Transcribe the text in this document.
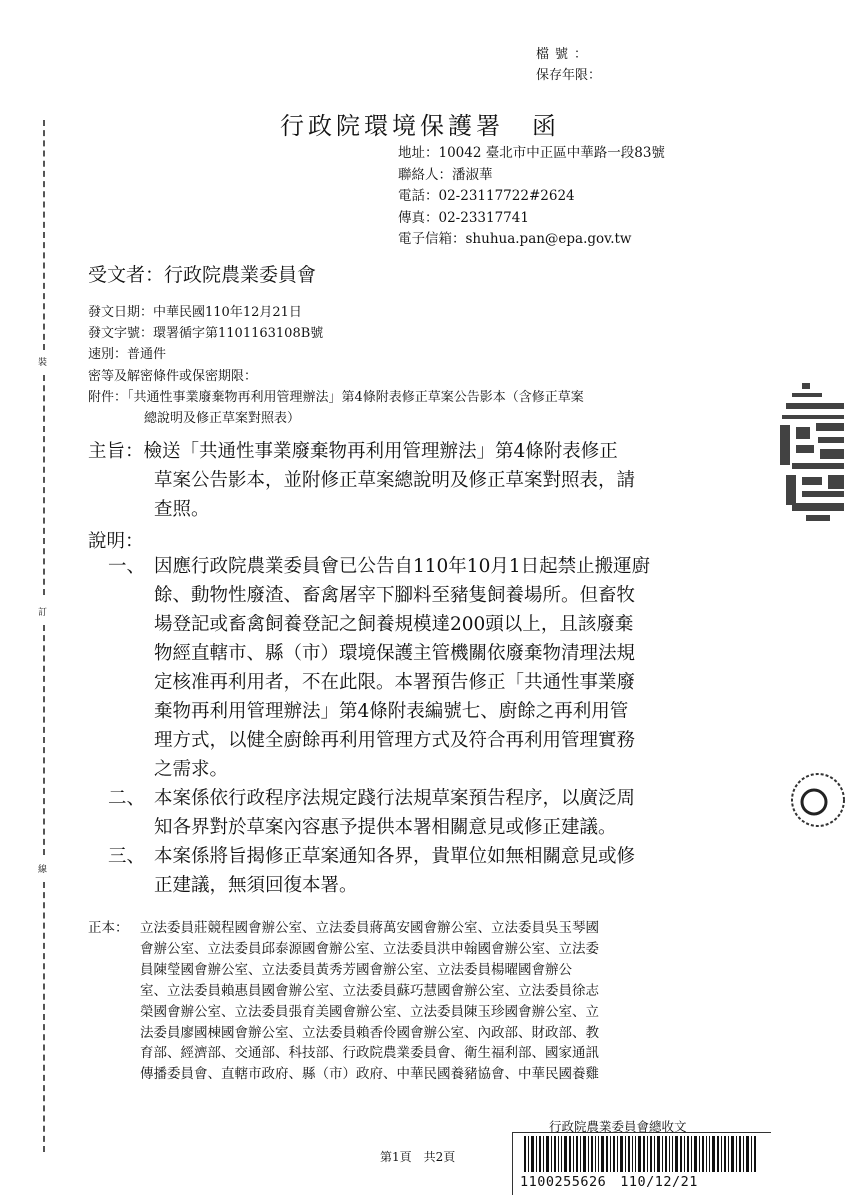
裝
訂
線
檔號：
保存年限：
行政院環境保護署　函
地址：10042 臺北市中正區中華路一段83號
聯絡人：潘淑華
電話：02-23117722#2624
傳真：02-23317741
電子信箱：shuhua.pan@epa.gov.tw
受文者：行政院農業委員會
發文日期：中華民國110年12月21日
發文字號：環署循字第1101163108B號
速別：普通件
密等及解密條件或保密期限：
附件：「共通性事業廢棄物再利用管理辦法」第4條附表修正草案公告影本（含修正草案
總說明及修正草案對照表）
主旨：檢送「共通性事業廢棄物再利用管理辦法」第4條附表修正
草案公告影本，並附修正草案總說明及修正草案對照表，請
查照。
說明：
一、 因應行政院農業委員會已公告自110年10月1日起禁止搬運廚
餘、動物性廢渣、畜禽屠宰下腳料至豬隻飼養場所。但畜牧
場登記或畜禽飼養登記之飼養規模達200頭以上，且該廢棄
物經直轄市、縣（市）環境保護主管機關依廢棄物清理法規
定核准再利用者，不在此限。本署預告修正「共通性事業廢
棄物再利用管理辦法」第4條附表編號七、廚餘之再利用管
理方式，以健全廚餘再利用管理方式及符合再利用管理實務
之需求。
二、 本案係依行政程序法規定踐行法規草案預告程序，以廣泛周
知各界對於草案內容惠予提供本署相關意見或修正建議。
三、 本案係將旨揭修正草案通知各界，貴單位如無相關意見或修
正建議，無須回復本署。
正本： 立法委員莊競程國會辦公室、立法委員蔣萬安國會辦公室、立法委員吳玉琴國
會辦公室、立法委員邱泰源國會辦公室、立法委員洪申翰國會辦公室、立法委
員陳瑩國會辦公室、立法委員黃秀芳國會辦公室、立法委員楊曜國會辦公
室、立法委員賴惠員國會辦公室、立法委員蘇巧慧國會辦公室、立法委員徐志
榮國會辦公室、立法委員張育美國會辦公室、立法委員陳玉珍國會辦公室、立
法委員廖國棟國會辦公室、立法委員賴香伶國會辦公室、內政部、財政部、教
育部、經濟部、交通部、科技部、行政院農業委員會、衛生福利部、國家通訊
傳播委員會、直轄市政府、縣（市）政府、中華民國養豬協會、中華民國養雞
第1頁　共2頁
行政院農業委員會總收文
1100255626　110/12/21
